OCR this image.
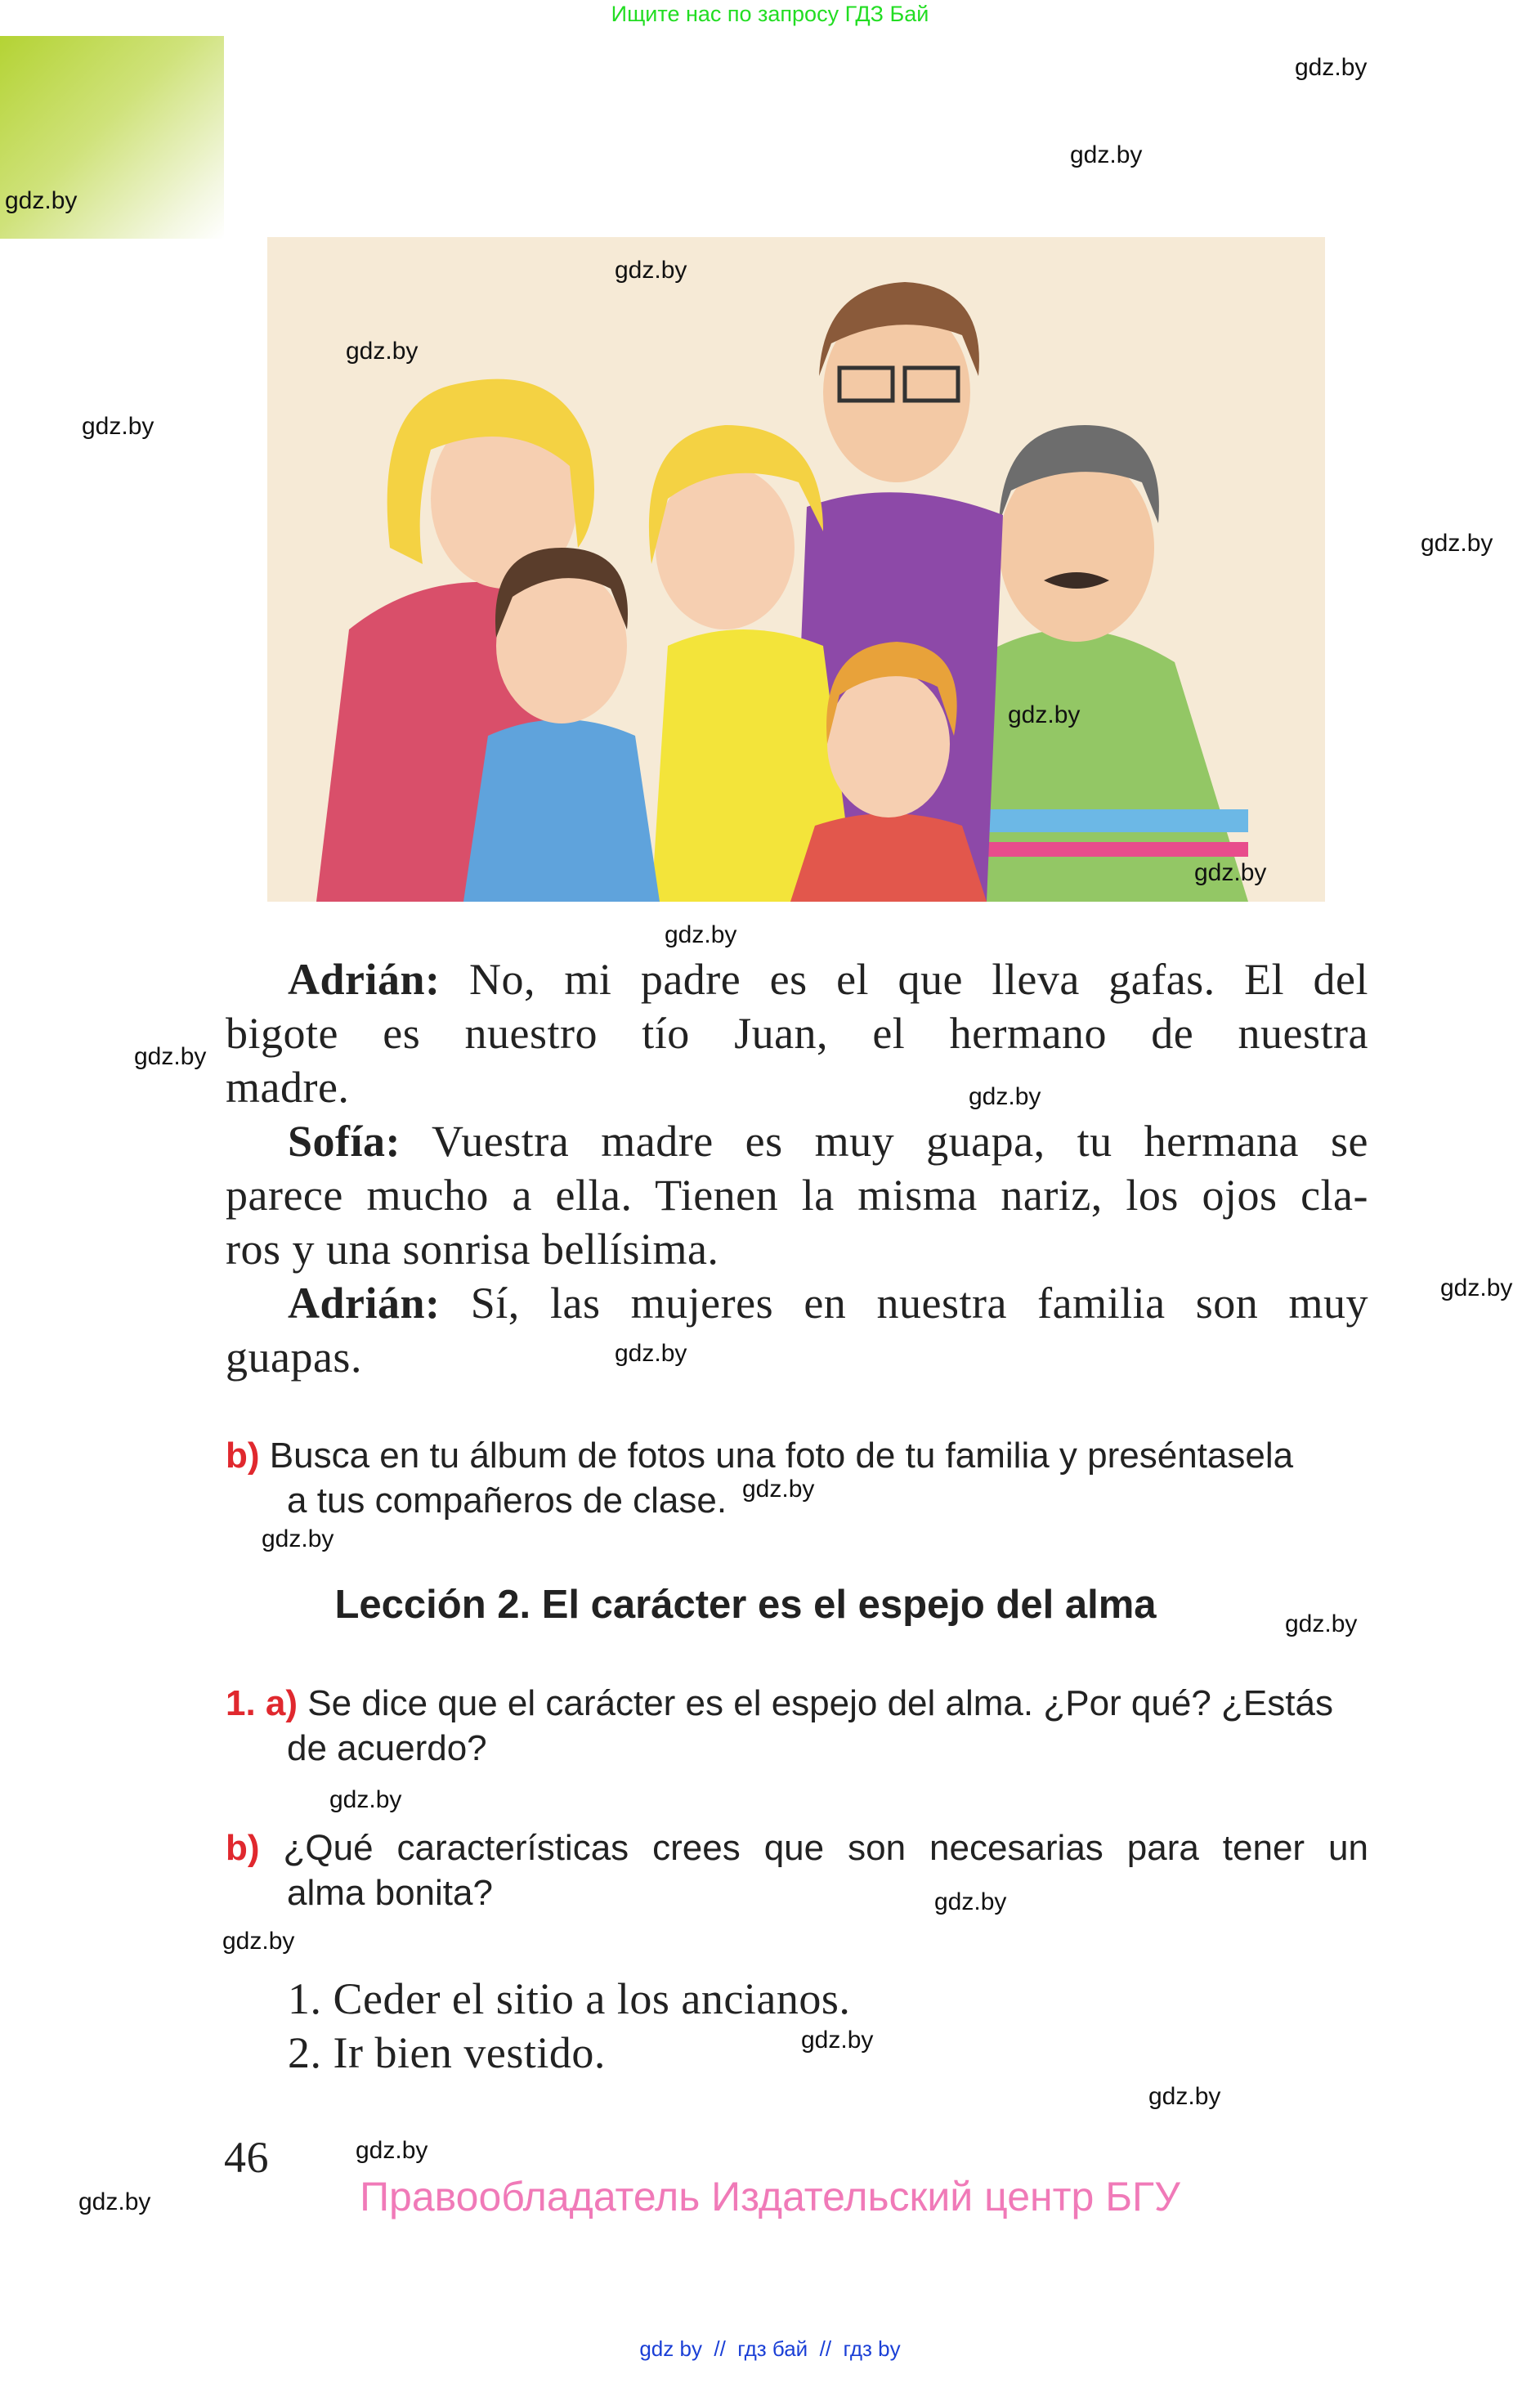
Ищите нас по запросу ГДЗ Бай
gdz.by
gdz.by
gdz.by
gdz.by
gdz.by
gdz.by
gdz.by
gdz.by
gdz.by
gdz.by
gdz.by
gdz.by
gdz.by
gdz.by
gdz.by
gdz.by
gdz.by
gdz.by
gdz.by
gdz.by
gdz.by
gdz.by
gdz.by
gdz.by
Adrián: No, mi padre es el que lleva gafas. El del
bigote es nuestro tío Juan, el hermano de nuestra
madre.
Sofía: Vuestra madre es muy guapa, tu hermana se
parece mucho a ella. Tienen la misma nariz, los ojos cla-
ros y una sonrisa bellísima.
Adrián: Sí, las mujeres en nuestra familia son muy
guapas.
b) Busca en tu álbum de fotos una foto de tu familia y preséntasela
a tus compañeros de clase.
Lección 2. El carácter es el espejo del alma
1. a) Se dice que el carácter es el espejo del alma. ¿Por qué? ¿Estás
de acuerdo?
b) ¿Qué características crees que son necesarias para tener un
alma bonita?
1. Ceder el sitio a los ancianos.
2. Ir bien vestido.
46
Правообладатель Издательский центр БГУ
gdz by  //  гдз бай  //  гдз by
